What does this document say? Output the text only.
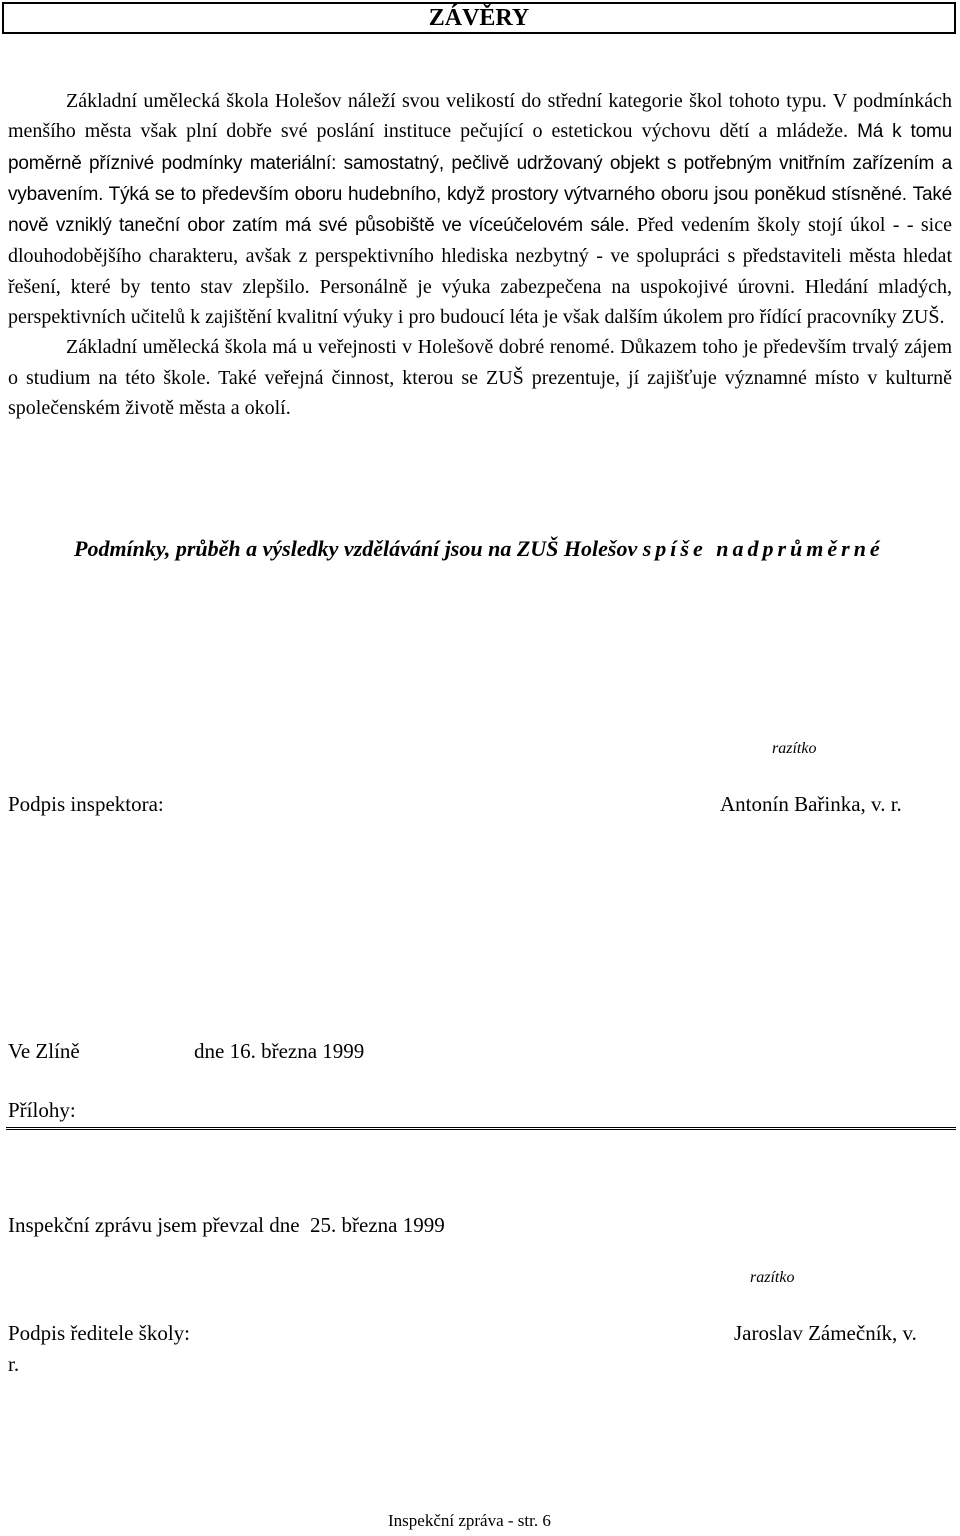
ZÁVĚRY

Základní umělecká škola Holešov náleží svou velikostí do střední kategorie škol tohoto typu. V podmínkách menšího města však plní dobře své poslání instituce pečující o estetickou výchovu dětí a mládeže. Má k tomu poměrně příznivé podmínky materiální: samostatný, pečlivě udržovaný objekt s potřebným vnitřním zařízením a vybavením. Týká se to především oboru hudebního, když prostory výtvarného oboru jsou poněkud stísněné. Také nově vzniklý taneční obor zatím má své působiště ve víceúčelovém sále. Před vedením školy stojí úkol - - sice dlouhodobějšího charakteru, avšak z perspektivního hlediska nezbytný - ve spolupráci s představiteli města hledat řešení, které by tento stav zlepšilo. Personálně je výuka zabezpečena na uspokojivé úrovni. Hledání mladých, perspektivních učitelů k zajištění kvalitní výuky i pro budoucí léta je však dalším úkolem pro řídící pracovníky ZUŠ.

Základní umělecká škola má u veřejnosti v Holešově dobré renomé. Důkazem toho je především trvalý zájem o studium na této škole. Také veřejná činnost, kterou se ZUŠ prezentuje, jí zajišťuje významné místo v kulturně společenském životě města a okolí.

Podmínky, průběh a výsledky vzdělávání jsou na ZUŠ Holešov spíše nadprůměrné

razítko
Podpis inspektora:	Antonín Bařinka, v. r.
Ve Zlíně	dne 16. března 1999
Přílohy:
Inspekční zprávu jsem převzal dne  25. března 1999
razítko
Podpis ředitele školy:	Jaroslav Zámečník, v.
r.
Inspekční zpráva - str. 6
